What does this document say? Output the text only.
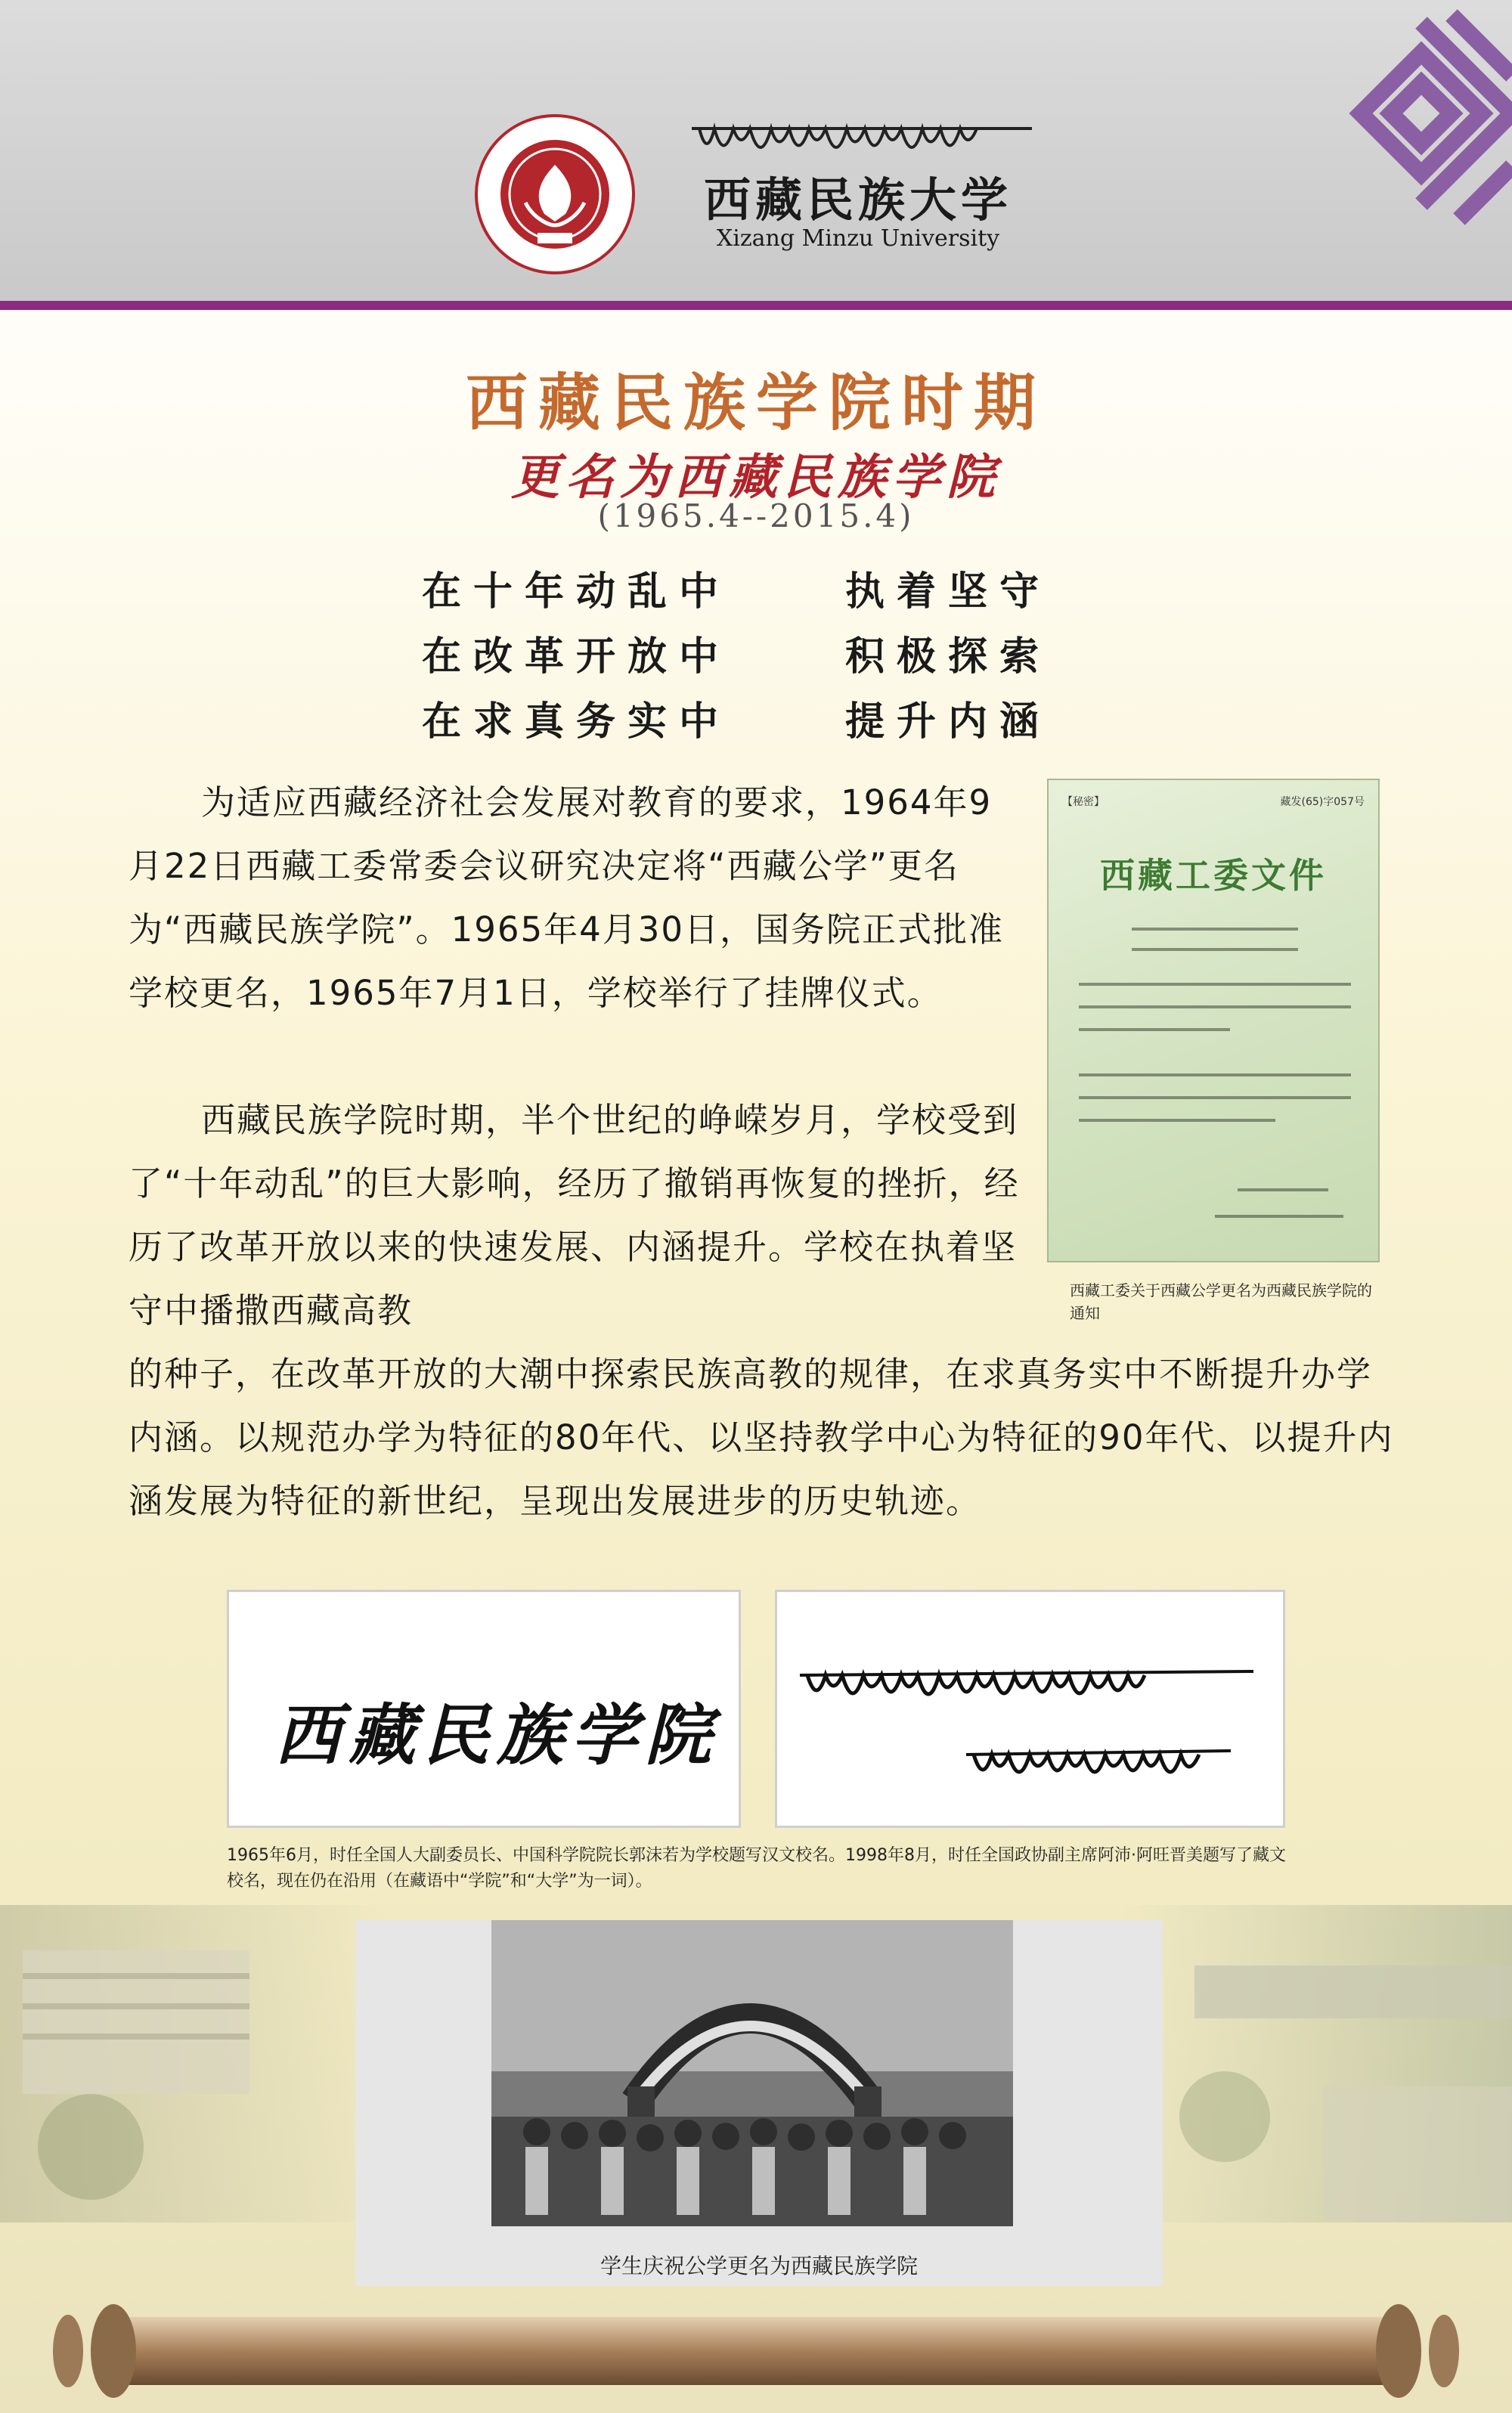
西藏民族大学
Xizang Minzu University
西藏民族学院时期
更名为西藏民族学院
(1965.4--2015.4)
在十年动乱中	执着坚守
在改革开放中	积极探索
在求真务实中	提升内涵

为适应西藏经济社会发展对教育的要求，1964年9月22日西藏工委常委会议研究决定将“西藏公学”更名为“西藏民族学院”。1965年4月30日，国务院正式批准学校更名，1965年7月1日，学校举行了挂牌仪式。

西藏民族学院时期，半个世纪的峥嵘岁月，学校受到了“十年动乱”的巨大影响，经历了撤销再恢复的挫折，经历了改革开放以来的快速发展、内涵提升。学校在执着坚守中播撒西藏高教

的种子，在改革开放的大潮中探索民族高教的规律，在求真务实中不断提升办学内涵。以规范办学为特征的80年代、以坚持教学中心为特征的90年代、以提升内涵发展为特征的新世纪，呈现出发展进步的历史轨迹。

【秘密】	藏发(65)字057号
西藏工委文件
西藏工委关于西藏公学更名为西藏民族学院的通知
西藏民族学院
1965年6月，时任全国人大副委员长、中国科学院院长郭沫若为学校题写汉文校名。1998年8月，时任全国政协副主席阿沛·阿旺晋美题写了藏文校名，现在仍在沿用（在藏语中“学院”和“大学”为一词）。
学生庆祝公学更名为西藏民族学院
